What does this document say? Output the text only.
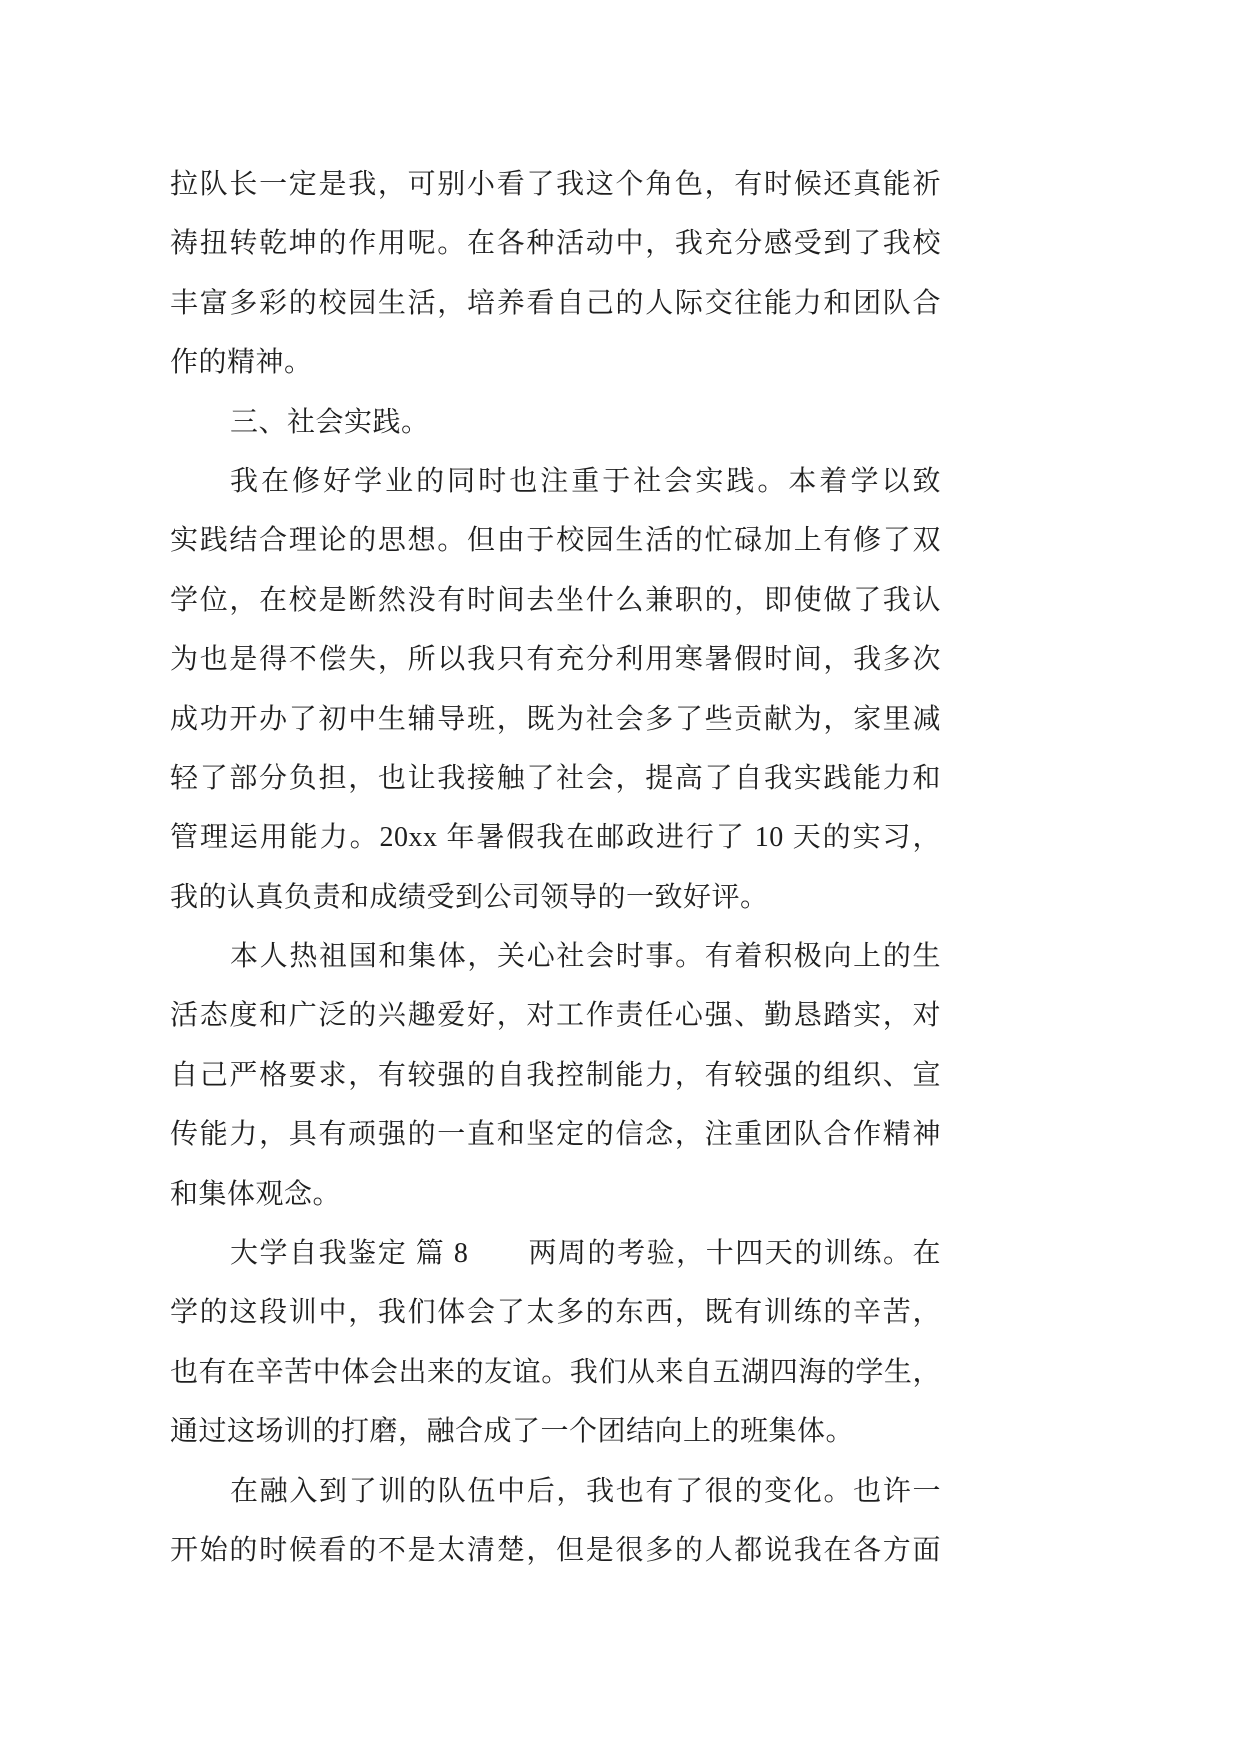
拉队长一定是我，可别小看了我这个角色，有时候还真能祈
祷扭转乾坤的作用呢。在各种活动中，我充分感受到了我校
丰富多彩的校园生活，培养看自己的人际交往能力和团队合
作的精神。
三、社会实践。
我在修好学业的同时也注重于社会实践。本着学以致
实践结合理论的思想。但由于校园生活的忙碌加上有修了双
学位，在校是断然没有时间去坐什么兼职的，即使做了我认
为也是得不偿失，所以我只有充分利用寒暑假时间，我多次
成功开办了初中生辅导班，既为社会多了些贡献为，家里减
轻了部分负担，也让我接触了社会，提高了自我实践能力和
管理运用能力。20xx 年暑假我在邮政进行了 10 天的实习，
我的认真负责和成绩受到公司领导的一致好评。
本人热祖国和集体，关心社会时事。有着积极向上的生
活态度和广泛的兴趣爱好，对工作责任心强、勤恳踏实，对
自己严格要求，有较强的自我控制能力，有较强的组织、宣
传能力，具有顽强的一直和坚定的信念，注重团队合作精神
和集体观念。
大学自我鉴定 篇 8　　两周的考验，十四天的训练。在
学的这段训中，我们体会了太多的东西，既有训练的辛苦，
也有在辛苦中体会出来的友谊。我们从来自五湖四海的学生，
通过这场训的打磨，融合成了一个团结向上的班集体。
在融入到了训的队伍中后，我也有了很的变化。也许一
开始的时候看的不是太清楚，但是很多的人都说我在各方面
